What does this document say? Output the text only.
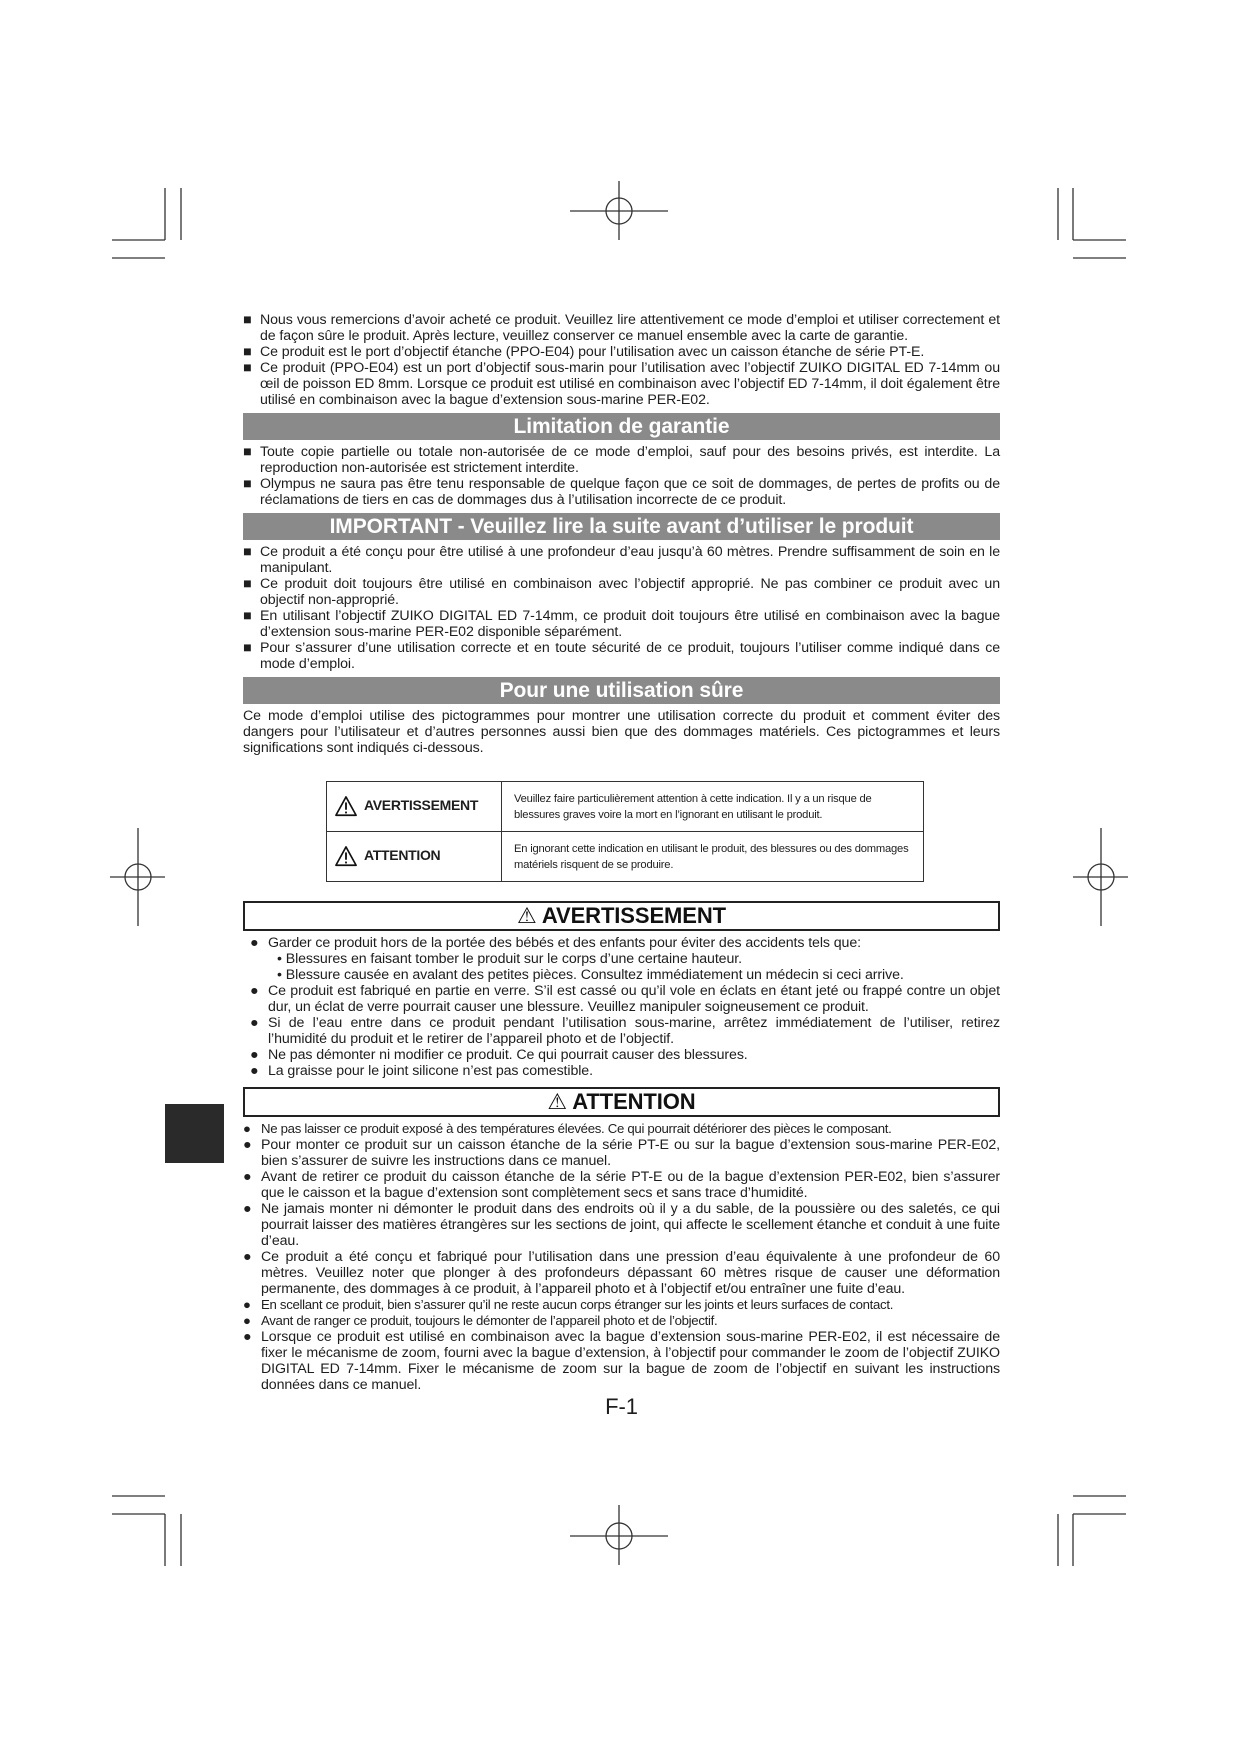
■ Nous vous remercions d’avoir acheté ce produit. Veuillez lire attentivement ce mode d’emploi et utiliser correctement et de façon sûre le produit. Après lecture, veuillez conserver ce manuel ensemble avec la carte de garantie.
■ Ce produit est le port d’objectif étanche (PPO-E04) pour l’utilisation avec un caisson étanche de série PT-E.
■ Ce produit (PPO-E04) est un port d’objectif sous-marin pour l’utilisation avec l’objectif ZUIKO DIGITAL ED 7-14mm ou œil de poisson ED 8mm. Lorsque ce produit est utilisé en combinaison avec l’objectif ED 7-14mm, il doit également être utilisé en combinaison avec la bague d’extension sous-marine PER-E02.
Limitation de garantie
■ Toute copie partielle ou totale non-autorisée de ce mode d’emploi, sauf pour des besoins privés, est interdite. La reproduction non-autorisée est strictement interdite.
■ Olympus ne saura pas être tenu responsable de quelque façon que ce soit de dommages, de pertes de profits ou de réclamations de tiers en cas de dommages dus à l’utilisation incorrecte de ce produit.
IMPORTANT - Veuillez lire la suite avant d’utiliser le produit
■ Ce produit a été conçu pour être utilisé à une profondeur d’eau jusqu’à 60 mètres. Prendre suffisamment de soin en le manipulant.
■ Ce produit doit toujours être utilisé en combinaison avec l’objectif approprié. Ne pas combiner ce produit avec un objectif non-approprié.
■ En utilisant l’objectif ZUIKO DIGITAL ED 7-14mm, ce produit doit toujours être utilisé en combinaison avec la bague d’extension sous-marine PER-E02 disponible séparément.
■ Pour s’assurer d’une utilisation correcte et en toute sécurité de ce produit, toujours l’utiliser comme indiqué dans ce mode d’emploi.
Pour une utilisation sûre
Ce mode d’emploi utilise des pictogrammes pour montrer une utilisation correcte du produit et comment éviter des dangers pour l’utilisateur et d’autres personnes aussi bien que des dommages matériels. Ces pictogrammes et leurs significations sont indiqués ci-dessous.
AVERTISSEMENT	Veuillez faire particulièrement attention à cette indication. Il y a un risque de blessures graves voire la mort en l’ignorant en utilisant le produit.
ATTENTION	En ignorant cette indication en utilisant le produit, des blessures ou des dommages matériels risquent de se produire.
⚠ AVERTISSEMENT
● Garder ce produit hors de la portée des bébés et des enfants pour éviter des accidents tels que:
• Blessures en faisant tomber le produit sur le corps d’une certaine hauteur.
• Blessure causée en avalant des petites pièces. Consultez immédiatement un médecin si ceci arrive.
● Ce produit est fabriqué en partie en verre. S’il est cassé ou qu’il vole en éclats en étant jeté ou frappé contre un objet dur, un éclat de verre pourrait causer une blessure. Veuillez manipuler soigneusement ce produit.
● Si de l’eau entre dans ce produit pendant l’utilisation sous-marine, arrêtez immédiatement de l’utiliser, retirez l’humidité du produit et le retirer de l’appareil photo et de l’objectif.
● Ne pas démonter ni modifier ce produit. Ce qui pourrait causer des blessures.
● La graisse pour le joint silicone n’est pas comestible.
⚠ ATTENTION
● Ne pas laisser ce produit exposé à des températures élevées. Ce qui pourrait détériorer des pièces le composant.
● Pour monter ce produit sur un caisson étanche de la série PT-E ou sur la bague d’extension sous-marine PER-E02, bien s’assurer de suivre les instructions dans ce manuel.
● Avant de retirer ce produit du caisson étanche de la série PT-E ou de la bague d’extension PER-E02, bien s’assurer que le caisson et la bague d’extension sont complètement secs et sans trace d’humidité.
● Ne jamais monter ni démonter le produit dans des endroits où il y a du sable, de la poussière ou des saletés, ce qui pourrait laisser des matières étrangères sur les sections de joint, qui affecte le scellement étanche et conduit à une fuite d’eau.
● Ce produit a été conçu et fabriqué pour l’utilisation dans une pression d’eau équivalente à une profondeur de 60 mètres. Veuillez noter que plonger à des profondeurs dépassant 60 mètres risque de causer une déformation permanente, des dommages à ce produit, à l’appareil photo et à l’objectif et/ou entraîner une fuite d’eau.
● En scellant ce produit, bien s’assurer qu’il ne reste aucun corps étranger sur les joints et leurs surfaces de contact.
● Avant de ranger ce produit, toujours le démonter de l’appareil photo et de l’objectif.
● Lorsque ce produit est utilisé en combinaison avec la bague d’extension sous-marine PER-E02, il est nécessaire de fixer le mécanisme de zoom, fourni avec la bague d’extension, à l’objectif pour commander le zoom de l’objectif ZUIKO DIGITAL ED 7-14mm. Fixer le mécanisme de zoom sur la bague de zoom de l’objectif en suivant les instructions données dans ce manuel.
F-1
